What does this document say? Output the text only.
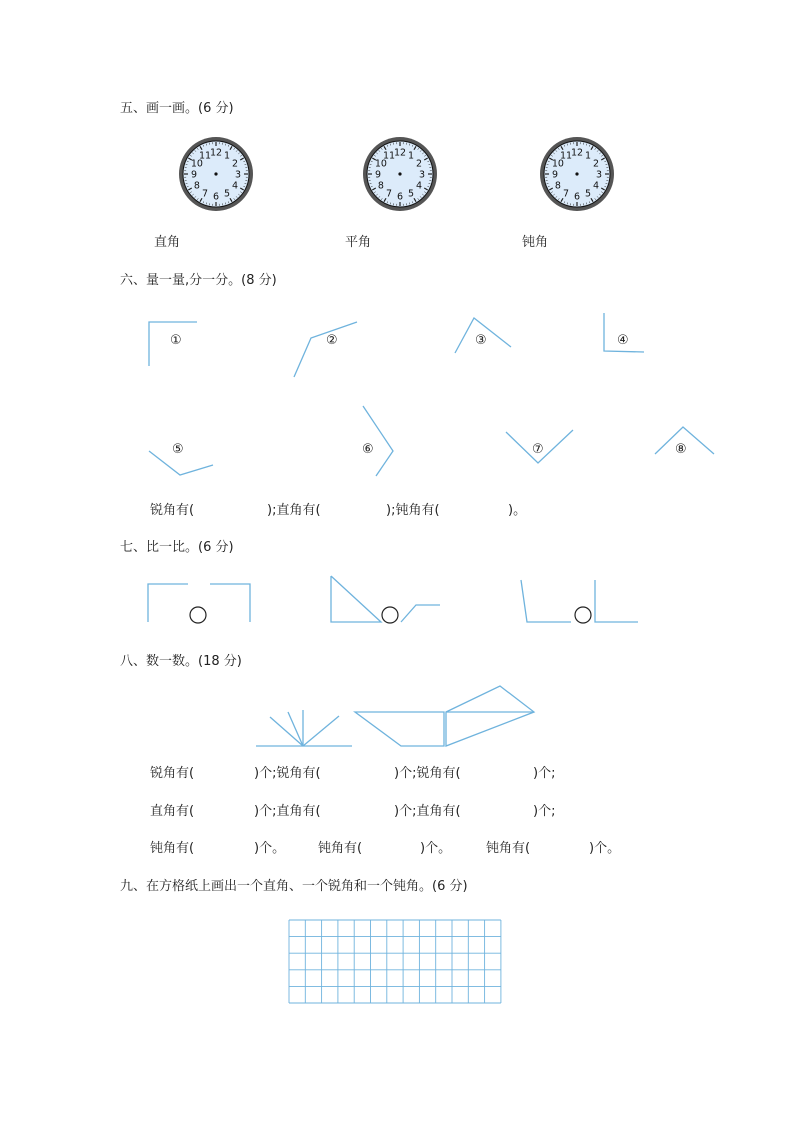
五、画一画。(6 分)
12 1
2
3
4
5
6
7
8
9
10
11	12 1
2
3
4
5
6
7
8
9
10
11	12 1
2
3
4
5
6
7
8
9
10
11
直角	平角	钝角
六、量一量,分一分。(8 分)
①	②	③	④
⑤	⑥	⑦	⑧
锐角有(	);直角有(	);钝角有(	)。
七、比一比。(6 分)
八、数一数。(18 分)
锐角有(	)个;锐角有(	)个;锐角有(	)个;
直角有(	)个;直角有(	)个;直角有(	)个;
钝角有(	)个。	钝角有(	)个。	钝角有(	)个。
九、在方格纸上画出一个直角、一个锐角和一个钝角。(6 分)
